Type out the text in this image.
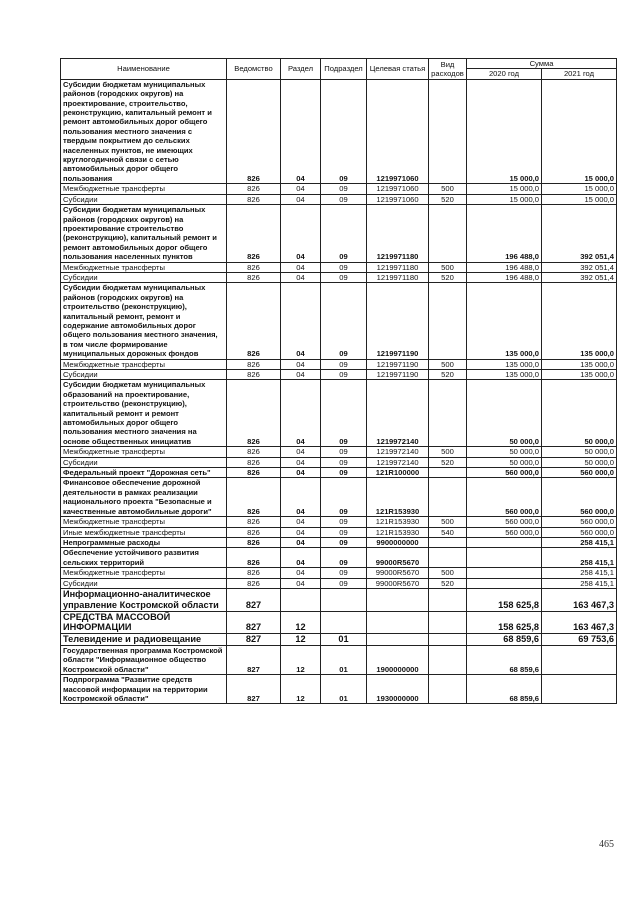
Наименование	Ведомство	Раздел	Подраздел	Целевая статья	Вид расходов	Сумма	
						2020 год	2021 год
Субсидии бюджетам муниципальных районов (городских округов) на проектирование, строительство, реконструкцию, капитальный ремонт и ремонт автомобильных дорог общего пользования местного значения с твердым покрытием до сельских населенных пунктов, не имеющих круглогодичной связи с сетью автомобильных дорог общего пользования	826	04	09	1219971060		15 000,0	15 000,0
Межбюджетные трансферты	826	04	09	1219971060	500	15 000,0	15 000,0
Субсидии	826	04	09	1219971060	520	15 000,0	15 000,0
Субсидии бюджетам муниципальных районов (городских округов) на проектирование строительство (реконструкцию), капитальный ремонт и ремонт автомобильных дорог общего пользования населенных пунктов	826	04	09	1219971180		196 488,0	392 051,4
Межбюджетные трансферты	826	04	09	1219971180	500	196 488,0	392 051,4
Субсидии	826	04	09	1219971180	520	196 488,0	392 051,4
Субсидии бюджетам муниципальных районов (городских округов) на строительство (реконструкцию), капитальный ремонт, ремонт и содержание автомобильных дорог общего пользования местного значения, в том числе формирование муниципальных дорожных фондов	826	04	09	1219971190		135 000,0	135 000,0
Межбюджетные трансферты	826	04	09	1219971190	500	135 000,0	135 000,0
Субсидии	826	04	09	1219971190	520	135 000,0	135 000,0
Субсидии бюджетам муниципальных образований на проектирование, строительство (реконструкцию), капитальный ремонт и ремонт автомобильных дорог общего пользования местного значения на основе общественных инициатив	826	04	09	1219972140		50 000,0	50 000,0
Межбюджетные трансферты	826	04	09	1219972140	500	50 000,0	50 000,0
Субсидии	826	04	09	1219972140	520	50 000,0	50 000,0
Федеральный проект "Дорожная сеть"	826	04	09	121R100000		560 000,0	560 000,0
Финансовое обеспечение дорожной деятельности в рамках реализации национального проекта "Безопасные и качественные автомобильные дороги"	826	04	09	121R153930		560 000,0	560 000,0
Межбюджетные трансферты	826	04	09	121R153930	500	560 000,0	560 000,0
Иные межбюджетные трансферты	826	04	09	121R153930	540	560 000,0	560 000,0
Непрограммные расходы	826	04	09	9900000000			258 415,1
Обеспечение устойчивого развития сельских территорий	826	04	09	99000R5670			258 415,1
Межбюджетные трансферты	826	04	09	99000R5670	500		258 415,1
Субсидии	826	04	09	99000R5670	520		258 415,1
Информационно-аналитическое управление Костромской области	827					158 625,8	163 467,3
СРЕДСТВА МАССОВОЙ ИНФОРМАЦИИ	827	12				158 625,8	163 467,3
Телевидение и радиовещание	827	12	01			68 859,6	69 753,6
Государственная программа Костромской области "Информационное общество Костромской области"	827	12	01	1900000000		68 859,6	
Подпрограмма "Развитие средств массовой информации на территории Костромской области"	827	12	01	1930000000		68 859,6	
465
